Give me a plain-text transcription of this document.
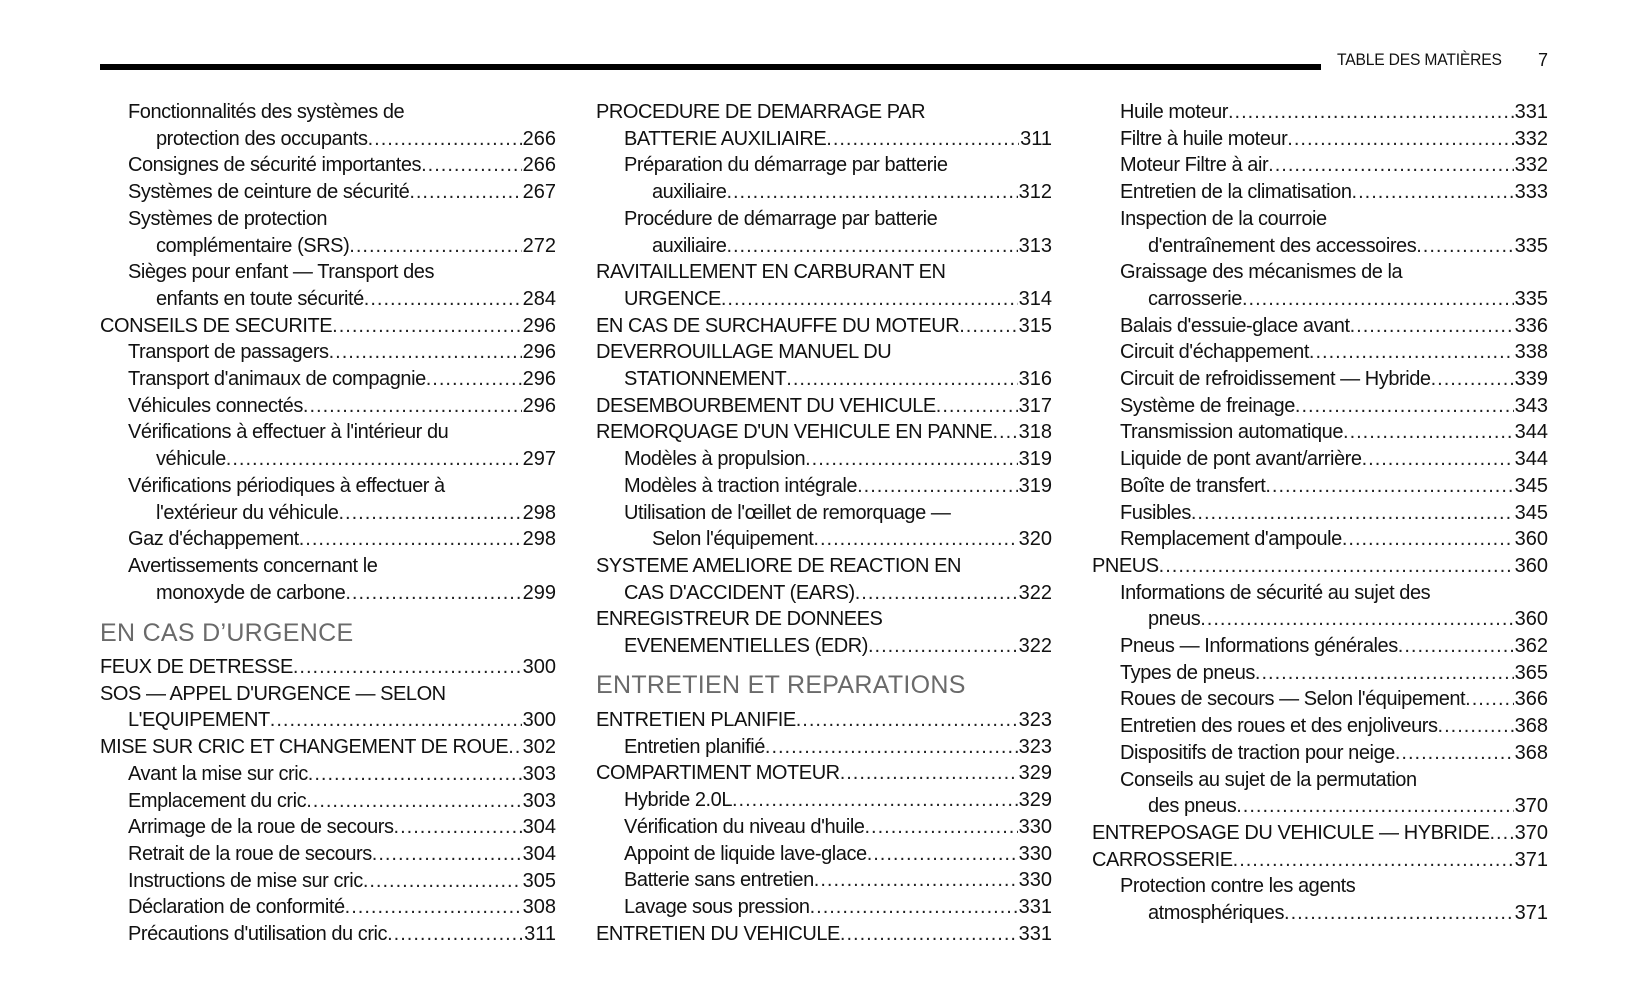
TABLE DES MATIÈRES 7
Fonctionnalités des systèmes de
protection des occupants .....	266
Consignes de sécurité importantes .....	266
Systèmes de ceinture de sécurité .....	267
Systèmes de protection
complémentaire (SRS) .....	272
Sièges pour enfant — Transport des
enfants en toute sécurité .....	284
CONSEILS DE SECURITE .....	296
Transport de passagers .....	296
Transport d'animaux de compagnie .....	296
Véhicules connectés .....	296
Vérifications à effectuer à l'intérieur du
véhicule .....	297
Vérifications périodiques à effectuer à
l'extérieur du véhicule .....	298
Gaz d'échappement .....	298
Avertissements concernant le
monoxyde de carbone .....	299
EN CAS D’URGENCE
FEUX DE DETRESSE .....	300
SOS — APPEL D'URGENCE — SELON
L'EQUIPEMENT .....	300
MISE SUR CRIC ET CHANGEMENT DE ROUE ..... 302
Avant la mise sur cric .....	303
Emplacement du cric .....	303
Arrimage de la roue de secours .....	304
Retrait de la roue de secours .....	304
Instructions de mise sur cric .....	305
Déclaration de conformité .....	308
Précautions d'utilisation du cric .....	311
PROCEDURE DE DEMARRAGE PAR
BATTERIE AUXILIAIRE .....	311
Préparation du démarrage par batterie
auxiliaire .....	312
Procédure de démarrage par batterie
auxiliaire .....	313
RAVITAILLEMENT EN CARBURANT EN
URGENCE .....	314
EN CAS DE SURCHAUFFE DU MOTEUR .....	315
DEVERROUILLAGE MANUEL DU
STATIONNEMENT .....	316
DESEMBOURBEMENT DU VEHICULE .....	317
REMORQUAGE D'UN VEHICULE EN PANNE ..... 318
Modèles à propulsion .....	319
Modèles à traction intégrale .....	319
Utilisation de l'œillet de remorquage —
Selon l'équipement .....	320
SYSTEME AMELIORE DE REACTION EN
CAS D'ACCIDENT (EARS) .....	322
ENREGISTREUR DE DONNEES
EVENEMENTIELLES (EDR) .....	322
ENTRETIEN ET REPARATIONS
ENTRETIEN PLANIFIE .....	323
Entretien planifié .....	323
COMPARTIMENT MOTEUR .....	329
Hybride 2.0L .....	329
Vérification du niveau d'huile .....	330
Appoint de liquide lave-glace .....	330
Batterie sans entretien .....	330
Lavage sous pression .....	331
ENTRETIEN DU VEHICULE .....	331
Huile moteur .....	331
Filtre à huile moteur .....	332
Moteur Filtre à air .....	332
Entretien de la climatisation .....	333
Inspection de la courroie
d'entraînement des accessoires .....	335
Graissage des mécanismes de la
carrosserie .....	335
Balais d'essuie-glace avant .....	336
Circuit d'échappement .....	338
Circuit de refroidissement — Hybride .....	339
Système de freinage .....	343
Transmission automatique .....	344
Liquide de pont avant/arrière .....	344
Boîte de transfert .....	345
Fusibles .....	345
Remplacement d'ampoule .....	360
PNEUS .....	360
Informations de sécurité au sujet des
pneus .....	360
Pneus — Informations générales .....	362
Types de pneus .....	365
Roues de secours — Selon l'équipement ..... 366
Entretien des roues et des enjoliveurs .....	368
Dispositifs de traction pour neige .....	368
Conseils au sujet de la permutation
des pneus .....	370
ENTREPOSAGE DU VEHICULE — HYBRIDE ..... 370
CARROSSERIE .....	371
Protection contre les agents
atmosphériques .....	371
